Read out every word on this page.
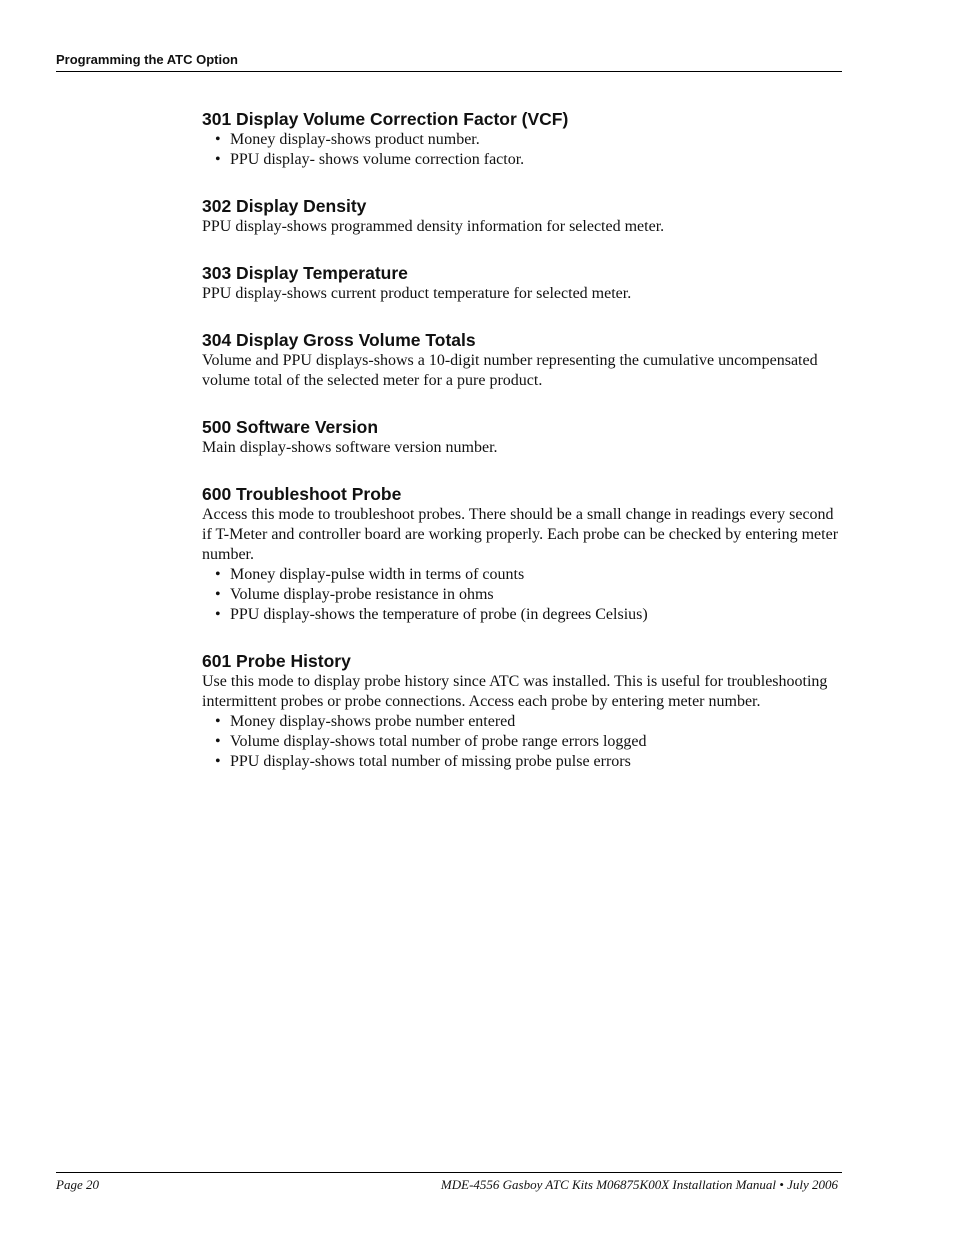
Programming the ATC Option
301 Display Volume Correction Factor (VCF)
• Money display-shows product number.
• PPU display- shows volume correction factor.
302 Display Density

PPU display-shows programmed density information for selected meter.

303 Display Temperature

PPU display-shows current product temperature for selected meter.

304 Display Gross Volume Totals

Volume and PPU displays-shows a 10-digit number representing the cumulative uncompensated volume total of the selected meter for a pure product.

500 Software Version

Main display-shows software version number.

600 Troubleshoot Probe

Access this mode to troubleshoot probes. There should be a small change in readings every second if T-Meter and controller board are working properly. Each probe can be checked by entering meter number.

• Money display-pulse width in terms of counts
• Volume display-probe resistance in ohms
• PPU display-shows the temperature of probe (in degrees Celsius)
601 Probe History

Use this mode to display probe history since ATC was installed. This is useful for troubleshooting intermittent probes or probe connections. Access each probe by entering meter number.

• Money display-shows probe number entered
• Volume display-shows total number of probe range errors logged
• PPU display-shows total number of missing probe pulse errors
Page 20	MDE-4556 Gasboy ATC Kits M06875K00X Installation Manual • July 2006
